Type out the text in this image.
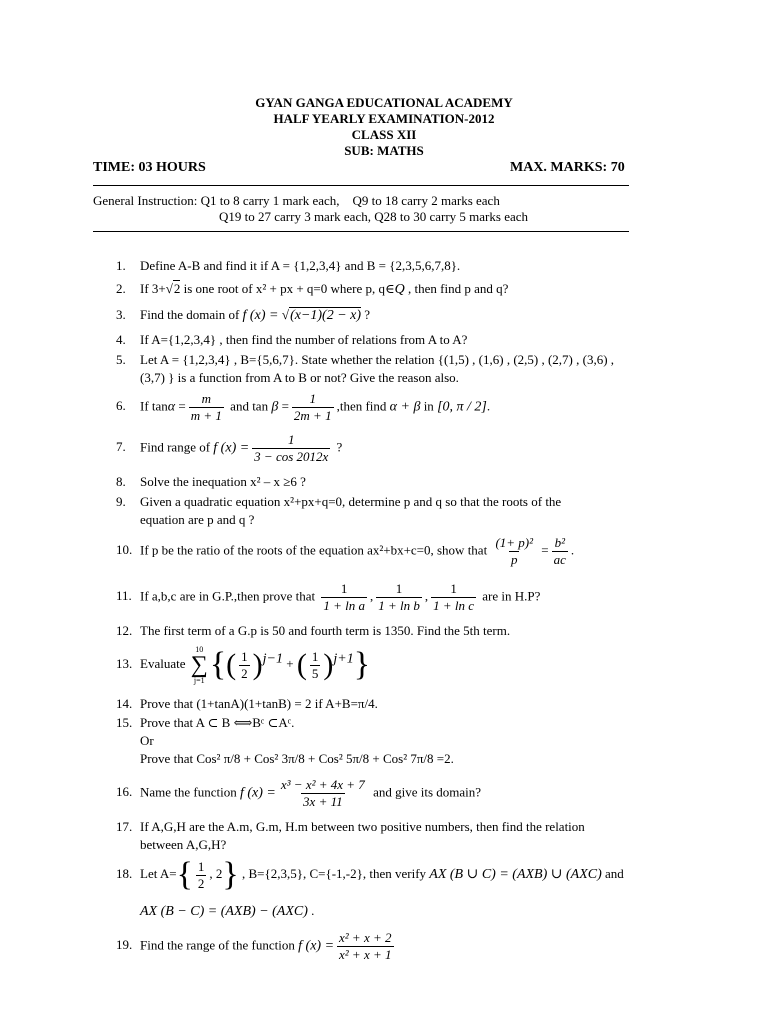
GYAN GANGA EDUCATIONAL ACADEMY
HALF YEARLY EXAMINATION-2012
CLASS XII
SUB: MATHS
TIME: 03 HOURS	MAX. MARKS: 70
General Instruction: Q1 to 8 carry 1 mark each,    Q9 to 18 carry 2 marks each
Q19 to 27 carry 3 mark each, Q28 to 30 carry 5 marks each
1. Define A-B and find it if A = {1,2,3,4} and B = {2,3,5,6,7,8}.
2. If 3+√2 is one root of x² + px + q=0 where p, q∈Q , then find p and q?
3. Find the domain of f (x) = √(x−1)(2 − x) ?
4. If A={1,2,3,4} , then find the number of relations from A to A?
5. Let A = {1,2,3,4} , B={5,6,7}. State whether the relation {(1,5) , (1,6) , (2,5) , (2,7) , (3,6) ,
(3,7) } is a function from A to B or not? Give the reason also.
6. If $\tan\alpha = \frac{m}{m + 1}$ and $\tan \beta = \frac{1}{2m + 1}$ ,then find α + β in [0, π / 2].
7. Find range of f $(x) = \frac{1}{3 - \cos 2012x}$ ?
8. Solve the inequation x² – x ≥6 ?
9. Given a quadratic equation x²+px+q=0, determine p and q so that the roots of the
equation are p and q ?
10. If p be the ratio of the roots of the equation ax²+bx+c=0, show that $\frac{\text{(1+ p)²}}{p} = \frac{\text{b²}}{ac}$ .
11. If a,b,c are in G.P.,then prove that $\frac{1}{\text{1 + ln a}}$ , $\frac{1}{\text{1 + ln b}}$ , $\frac{1}{\text{1 + ln c}}$ are in H.P?
12. The first term of a G.p is 50 and fourth term is 1350. Find the 5th term.
13. Evaluate
10
∑
j=1 {( $\frac{1}{2} )^{j-1}$ + ( $\frac{1}{5} )^{j+1}$}
14. Prove that (1+tanA)(1+tanB) = 2 if A+B=π/4.
15. Prove that A ⊂ B ⟺Bᶜ ⊂Aᶜ.
Or
Prove that Cos² π/8 + Cos² 3π/8 + Cos² 5π/8 + Cos² 7π/8 =2.
16. Name the function f $(x) = \frac{\text{x³ − x² + 4x + 7}}{3x + 11}$ and give its domain?
17. If A,G,H are the A.m, G.m, H.m between two positive numbers, then find the relation
between A,G,H?
18. Let $A=\{ \frac{1}{2}$ , 2} , B={2,3,5}, C={-1,-2}, then verify AX (B ∪ C) = (AXB) ∪ (AXC) and
AX (B − C) = (AXB) − (AXC) .
19. Find the range of the function f $(x) = \frac{\text{x² + x + 2}}{\text{x² + x + 1}}$
